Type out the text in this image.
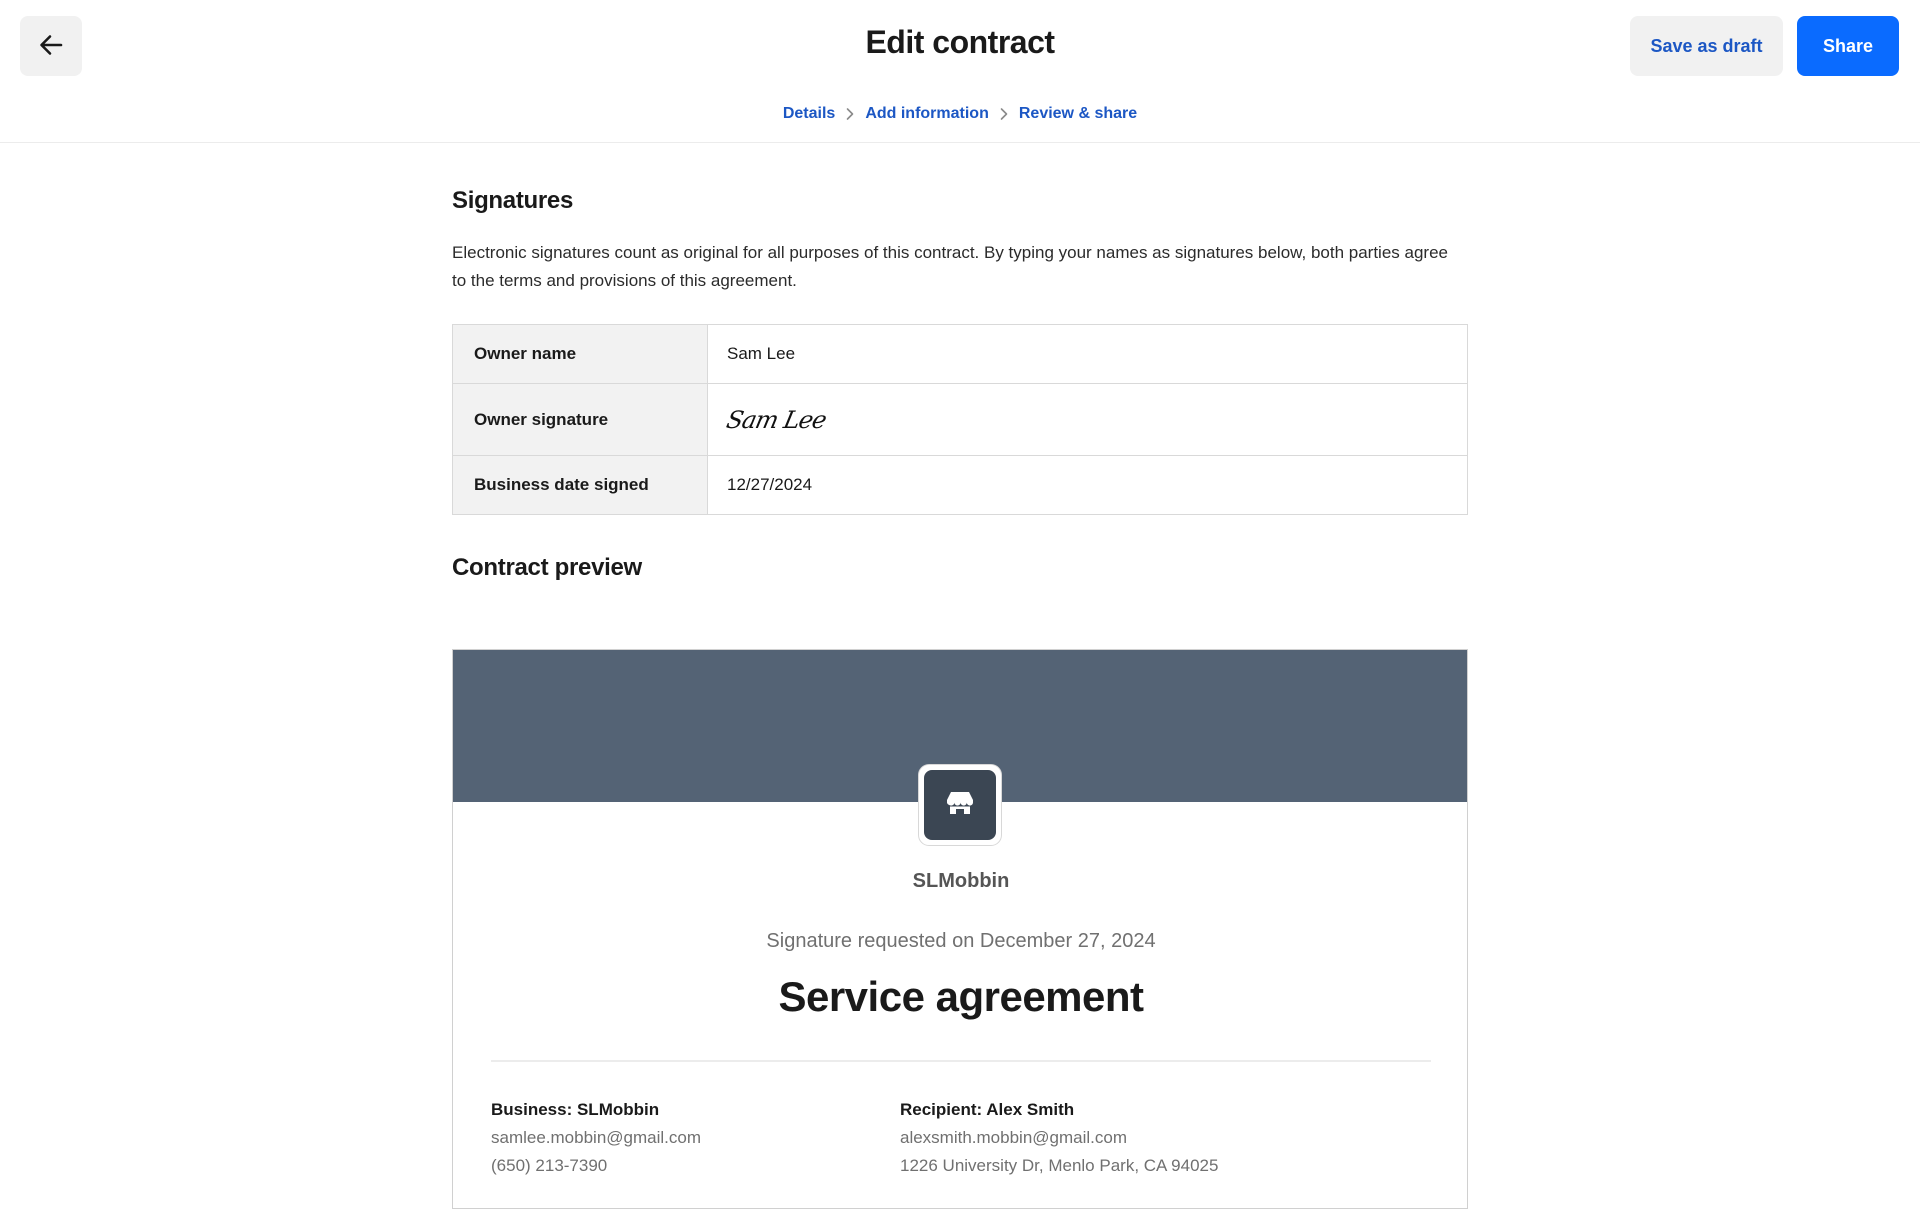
Edit contract	Save as draft	Share
Details Add information Review & share
Signatures

Electronic signatures count as original for all purposes of this contract. By typing your names as signatures below, both parties agree to the terms and provisions of this agreement.

Owner name	Sam Lee
Owner signature	Sam Lee
Business date signed	12/27/2024
Contract preview
SLMobbin
Signature requested on December 27, 2024
Service agreement
Business: SLMobbin
samlee.mobbin@gmail.com
(650) 213-7390
Recipient: Alex Smith
alexsmith.mobbin@gmail.com
1226 University Dr, Menlo Park, CA 94025
